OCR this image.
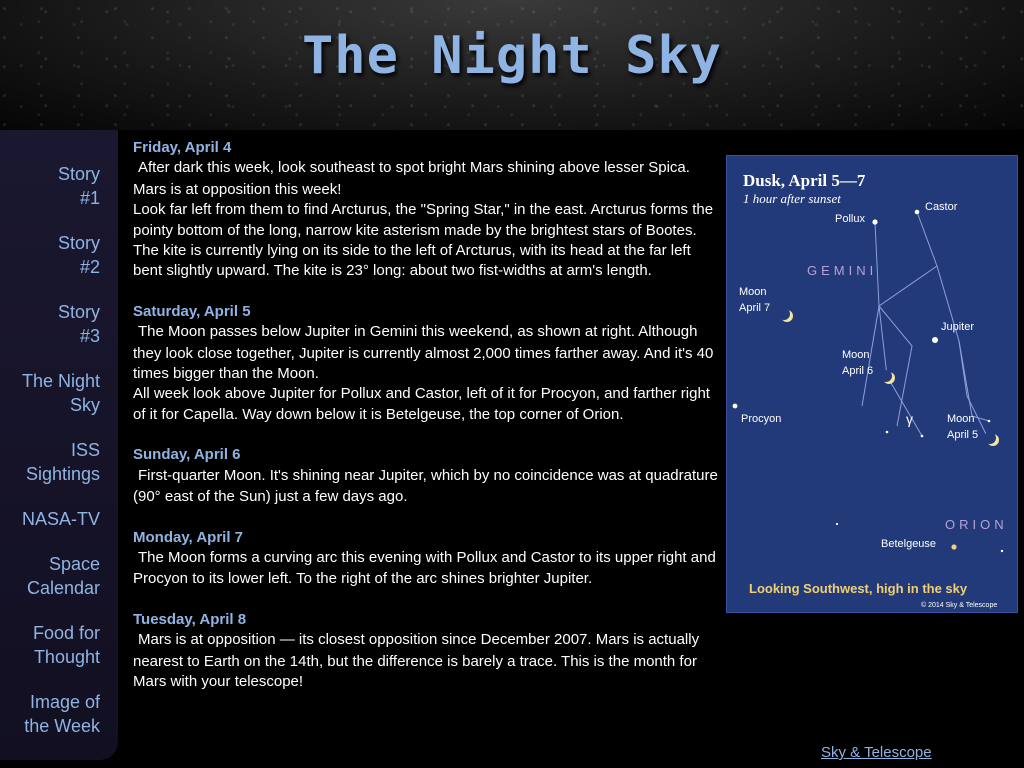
The Night Sky
Story
#1
Story
#2
Story
#3
The Night
Sky
ISS
Sightings
NASA-TV
Space
Calendar
Food for
Thought
Image of
the Week
Friday, April 4
After dark this week, look southeast to spot bright Mars shining above lesser Spica. Mars is at opposition this week!
Look far left from them to find Arcturus, the "Spring Star," in the east. Arcturus forms the pointy bottom of the long, narrow kite asterism made by the brightest stars of Bootes. The kite is currently lying on its side to the left of Arcturus, with its head at the far left bent slightly upward. The kite is 23° long: about two fist-widths at arm's length.
Saturday, April 5
The Moon passes below Jupiter in Gemini this weekend, as shown at right. Although they look close together, Jupiter is currently almost 2,000 times farther away. And it's 40 times bigger than the Moon.
All week look above Jupiter for Pollux and Castor, left of it for Procyon, and farther right of it for Capella. Way down below it is Betelgeuse, the top corner of Orion.
Sunday, April 6
First-quarter Moon. It's shining near Jupiter, which by no coincidence was at quadrature (90° east of the Sun) just a few days ago.
Monday, April 7
The Moon forms a curving arc this evening with Pollux and Castor to its upper right and Procyon to its lower left. To the right of the arc shines brighter Jupiter.
Tuesday, April 8
Mars is at opposition — its closest opposition since December 2007. Mars is actually nearest to Earth on the 14th, but the difference is barely a trace. This is the month for Mars with your telescope!
Dusk, April 5—7
1 hour after sunset
Castor
Pollux
Moon
April 7
Jupiter
Moon
April 6
Procyon	γ	Moon
April 5
Betelgeuse
GEMINI
ORION
Looking Southwest, high in the sky
© 2014 Sky & Telescope
Sky & Telescope
